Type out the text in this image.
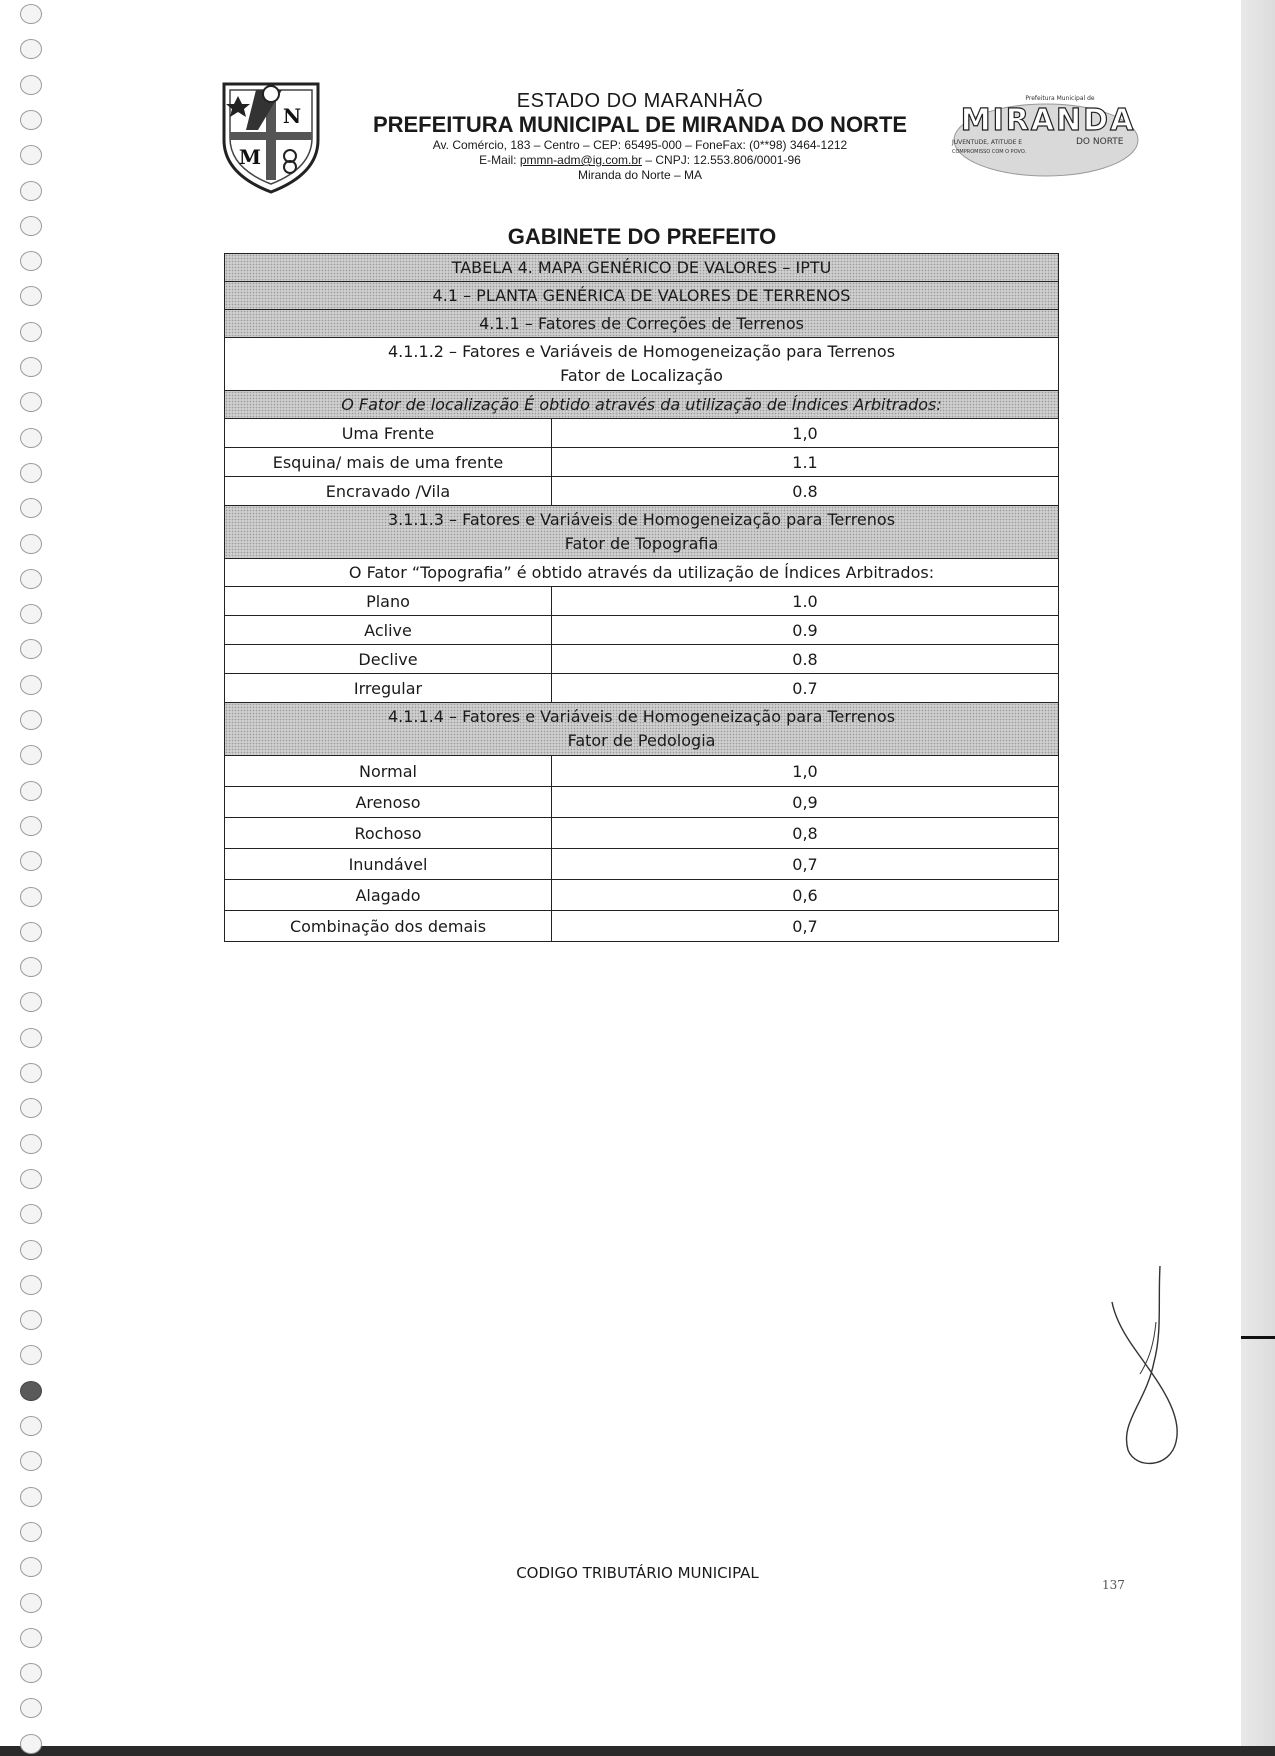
N
M
ESTADO DO MARANHÃO
PREFEITURA MUNICIPAL DE MIRANDA DO NORTE
Av. Comércio, 183 – Centro – CEP: 65495-000 – FoneFax: (0**98) 3464-1212
E-Mail: pmmn-adm@ig.com.br – CNPJ: 12.553.806/0001-96
Miranda do Norte – MA
Prefeitura Municipal de
MIRANDA
JUVENTUDE, ATITUDE E	DO NORTE
COMPROMISSO COM O POVO.
GABINETE DO PREFEITO
TABELA 4. MAPA GENÉRICO DE VALORES – IPTU	
4.1 – PLANTA GENÉRICA DE VALORES DE TERRENOS	
4.1.1 – Fatores de Correções de Terrenos	

4.1.1.2 – Fatores e Variáveis de Homogeneização para Terrenos
Fator de Localização	

O Fator de localização É obtido através da utilização de Índices Arbitrados:	
Uma Frente	1,0
Esquina/ mais de uma frente	1.1
Encravado /Vila	0.8

3.1.1.3 – Fatores e Variáveis de Homogeneização para Terrenos
Fator de Topografia	

O Fator “Topografia” é obtido através da utilização de Índices Arbitrados:	
Plano	1.0
Aclive	0.9
Declive	0.8
Irregular	0.7

4.1.1.4 – Fatores e Variáveis de Homogeneização para Terrenos
Fator de Pedologia	

Normal	1,0
Arenoso	0,9
Rochoso	0,8
Inundável	0,7
Alagado	0,6
Combinação dos demais	0,7
CODIGO TRIBUTÁRIO MUNICIPAL
137
